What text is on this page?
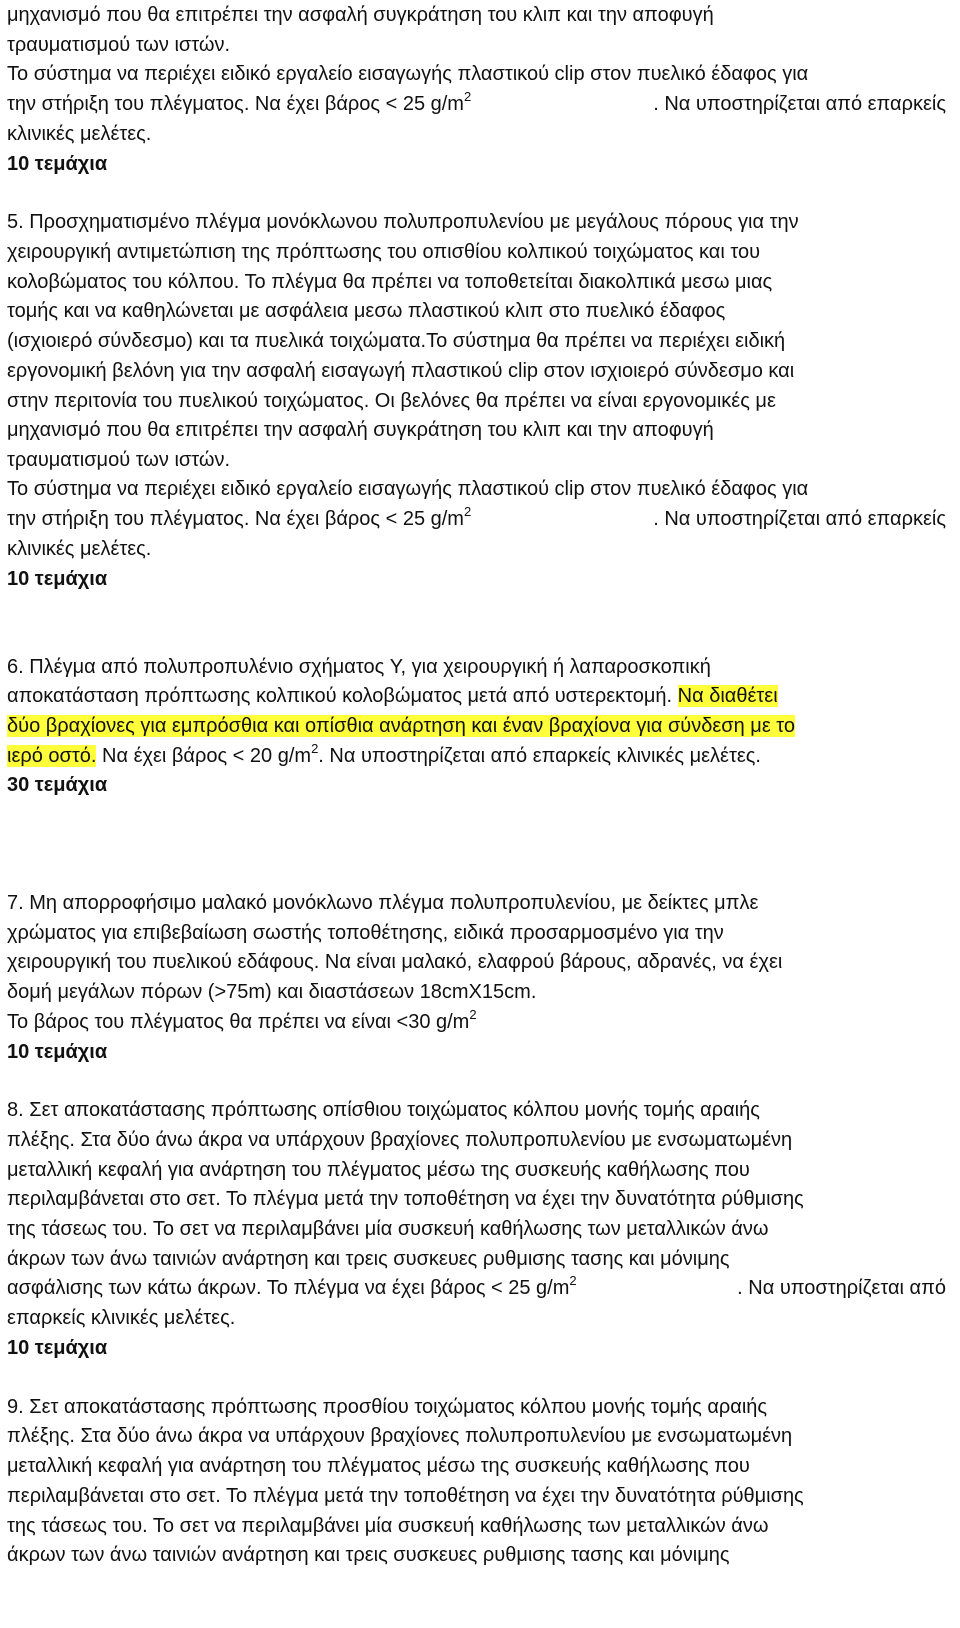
μηχανισμό που θα επιτρέπει την ασφαλή συγκράτηση του κλιπ και την αποφυγή
τραυματισμού των ιστών.
Το σύστημα να περιέχει ειδικό εργαλείο εισαγωγής πλαστικού clip στον πυελικό έδαφος για
την στήριξη του πλέγματος. Να έχει βάρος < 25 $g/m^2$	. Να υποστηρίζεται από επαρκείς
κλινικές μελέτες.
10 τεμάχια
5. Προσχηματισμένο πλέγμα μονόκλωνου πολυπροπυλενίου με μεγάλους πόρους για την
χειρουργική αντιμετώπιση της πρόπτωσης του οπισθίου κολπικού τοιχώματος και του
κολοβώματος του κόλπου. Το πλέγμα θα πρέπει να τοποθετείται διακολπικά μεσω μιας
τομής και να καθηλώνεται με ασφάλεια μεσω πλαστικού κλιπ στο πυελικό έδαφος
(ισχιοιερό σύνδεσμο) και τα πυελικά τοιχώματα.Το σύστημα θα πρέπει να περιέχει ειδική
εργονομική βελόνη για την ασφαλή εισαγωγή πλαστικού clip στον ισχιοιερό σύνδεσμο και
στην περιτονία του πυελικού τοιχώματος. Οι βελόνες θα πρέπει να είναι εργονομικές με
μηχανισμό που θα επιτρέπει την ασφαλή συγκράτηση του κλιπ και την αποφυγή
τραυματισμού των ιστών.
Το σύστημα να περιέχει ειδικό εργαλείο εισαγωγής πλαστικού clip στον πυελικό έδαφος για
την στήριξη του πλέγματος. Να έχει βάρος < 25 $g/m^2$	. Να υποστηρίζεται από επαρκείς
κλινικές μελέτες.
10 τεμάχια
6. Πλέγμα από πολυπροπυλένιο σχήματος Y, για χειρουργική ή λαπαροσκοπική
αποκατάσταση πρόπτωσης κολπικού κολοβώματος μετά από υστερεκτομή. Να διαθέτει
δύο βραχίονες για εμπρόσθια και οπίσθια ανάρτηση και έναν βραχίονα για σύνδεση με το
ιερό οστό. Να έχει βάρος < 20 $g/m^2$. Να υποστηρίζεται από επαρκείς κλινικές μελέτες.
30 τεμάχια
7. Μη απορροφήσιμο μαλακό μονόκλωνο πλέγμα πολυπροπυλενίου, με δείκτες μπλε
χρώματος για επιβεβαίωση σωστής τοποθέτησης, ειδικά προσαρμοσμένο για την
χειρουργική του πυελικού εδάφους. Να είναι μαλακό, ελαφρού βάρους, αδρανές, να έχει
δομή μεγάλων πόρων (>75m) και διαστάσεων 18cmX15cm.
Το βάρος του πλέγματος θα πρέπει να είναι <30 $g/m^2$
10 τεμάχια
8. Σετ αποκατάστασης πρόπτωσης οπίσθιου τοιχώματος κόλπου μονής τομής αραιής
πλέξης. Στα δύο άνω άκρα να υπάρχουν βραχίονες πολυπροπυλενίου με ενσωματωμένη
μεταλλική κεφαλή για ανάρτηση του πλέγματος μέσω της συσκευής καθήλωσης που
περιλαμβάνεται στο σετ. Το πλέγμα μετά την τοποθέτηση να έχει την δυνατότητα ρύθμισης
της τάσεως του. Το σετ να περιλαμβάνει μία συσκευή καθήλωσης των μεταλλικών άνω
άκρων των άνω ταινιών ανάρτηση και τρεις συσκευες ρυθμισης τασης και μόνιμης
ασφάλισης των κάτω άκρων. Το πλέγμα να έχει βάρος < 25 $g/m^2$	. Να υποστηρίζεται από
επαρκείς κλινικές μελέτες.
10 τεμάχια
9. Σετ αποκατάστασης πρόπτωσης προσθίου τοιχώματος κόλπου μονής τομής αραιής
πλέξης. Στα δύο άνω άκρα να υπάρχουν βραχίονες πολυπροπυλενίου με ενσωματωμένη
μεταλλική κεφαλή για ανάρτηση του πλέγματος μέσω της συσκευής καθήλωσης που
περιλαμβάνεται στο σετ. Το πλέγμα μετά την τοποθέτηση να έχει την δυνατότητα ρύθμισης
της τάσεως του. Το σετ να περιλαμβάνει μία συσκευή καθήλωσης των μεταλλικών άνω
άκρων των άνω ταινιών ανάρτηση και τρεις συσκευες ρυθμισης τασης και μόνιμης
